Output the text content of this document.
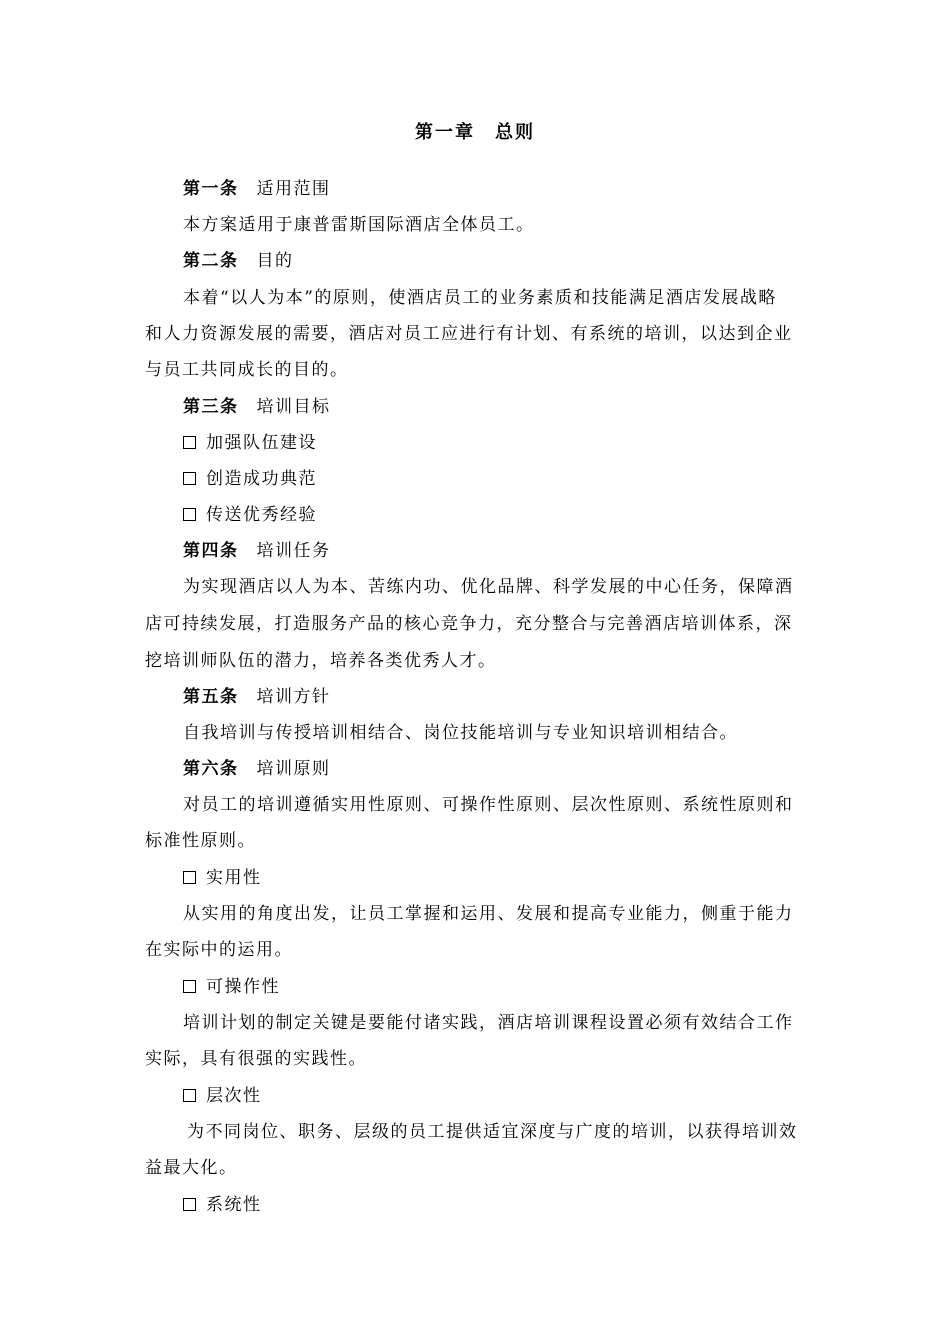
第一章　总则
第一条 适用范围
本方案适用于康普雷斯国际酒店全体员工。
第二条 目的
本着“以人为本”的原则，使酒店员工的业务素质和技能满足酒店发展战略
和人力资源发展的需要，酒店对员工应进行有计划、有系统的培训，以达到企业
与员工共同成长的目的。
第三条 培训目标
加强队伍建设
创造成功典范
传送优秀经验
第四条 培训任务
为实现酒店以人为本、苦练内功、优化品牌、科学发展的中心任务，保障酒
店可持续发展，打造服务产品的核心竞争力，充分整合与完善酒店培训体系，深
挖培训师队伍的潜力，培养各类优秀人才。
第五条 培训方针
自我培训与传授培训相结合、岗位技能培训与专业知识培训相结合。
第六条 培训原则
对员工的培训遵循实用性原则、可操作性原则、层次性原则、系统性原则和
标准性原则。
实用性
从实用的角度出发，让员工掌握和运用、发展和提高专业能力，侧重于能力
在实际中的运用。
可操作性
培训计划的制定关键是要能付诸实践，酒店培训课程设置必须有效结合工作
实际，具有很强的实践性。
层次性
为不同岗位、职务、层级的员工提供适宜深度与广度的培训，以获得培训效
益最大化。
系统性
